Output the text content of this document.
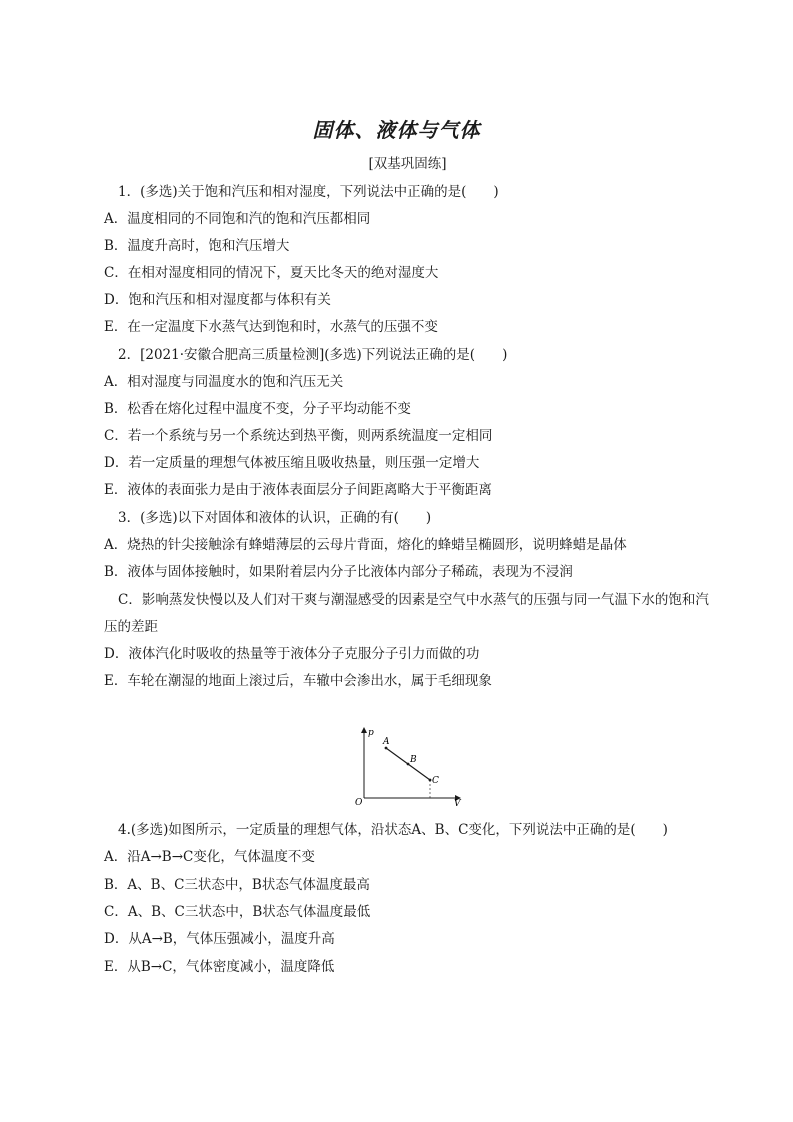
固体、液体与气体
[双基巩固练]
1．(多选)关于饱和汽压和相对湿度，下列说法中正确的是(　　)
A．温度相同的不同饱和汽的饱和汽压都相同
B．温度升高时，饱和汽压增大
C．在相对湿度相同的情况下，夏天比冬天的绝对湿度大
D．饱和汽压和相对湿度都与体积有关
E．在一定温度下水蒸气达到饱和时，水蒸气的压强不变
2．[2021·安徽合肥高三质量检测](多选)下列说法正确的是(　　)
A．相对湿度与同温度水的饱和汽压无关
B．松香在熔化过程中温度不变，分子平均动能不变
C．若一个系统与另一个系统达到热平衡，则两系统温度一定相同
D．若一定质量的理想气体被压缩且吸收热量，则压强一定增大
E．液体的表面张力是由于液体表面层分子间距离略大于平衡距离
3．(多选)以下对固体和液体的认识，正确的有(　　)
A．烧热的针尖接触涂有蜂蜡薄层的云母片背面，熔化的蜂蜡呈椭圆形，说明蜂蜡是晶体
B．液体与固体接触时，如果附着层内分子比液体内部分子稀疏，表现为不浸润
C．影响蒸发快慢以及人们对干爽与潮湿感受的因素是空气中水蒸气的压强与同一气温下水的饱和汽
压的差距
D．液体汽化时吸收的热量等于液体分子克服分子引力而做的功
E．车轮在潮湿的地面上滚过后，车辙中会渗出水，属于毛细现象
p
V
O
A
B
C
4.(多选)如图所示，一定质量的理想气体，沿状态A、B、C变化，下列说法中正确的是(　　)
A．沿A→B→C变化，气体温度不变
B．A、B、C三状态中，B状态气体温度最高
C．A、B、C三状态中，B状态气体温度最低
D．从A→B，气体压强减小，温度升高
E．从B→C，气体密度减小，温度降低
